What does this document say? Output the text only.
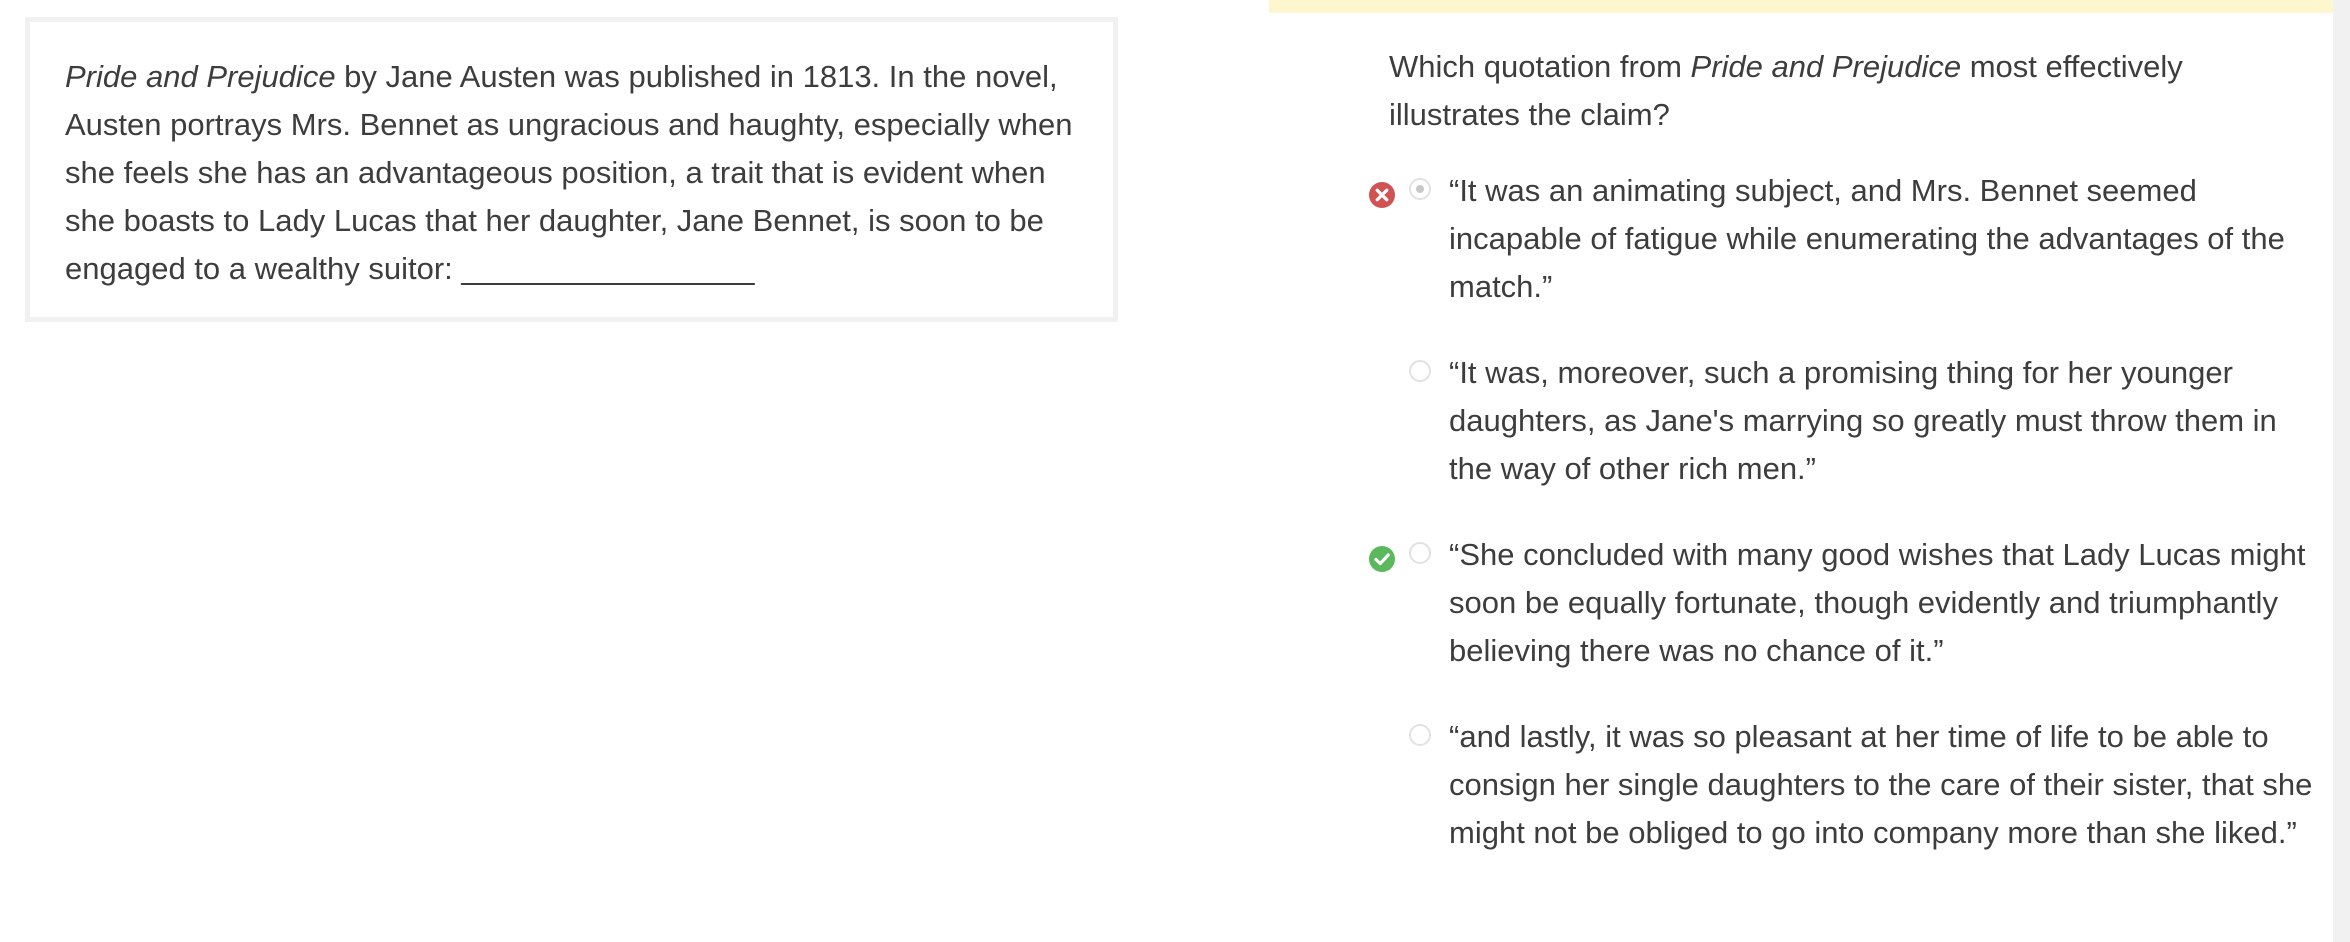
Pride and Prejudice by Jane Austen was published in 1813. In the novel, Austen portrays Mrs. Bennet as ungracious and haughty, especially when she feels she has an advantageous position, a trait that is evident when she boasts to Lady Lucas that her daughter, Jane Bennet, is soon to be engaged to a wealthy suitor: _________________

Which quotation from Pride and Prejudice most effectively illustrates the claim?

“It was an animating subject, and Mrs. Bennet seemed incapable of fatigue while enumerating the advantages of the match.”

“It was, moreover, such a promising thing for her younger daughters, as Jane's marrying so greatly must throw them in the way of other rich men.”

“She concluded with many good wishes that Lady Lucas might soon be equally fortunate, though evidently and triumphantly believing there was no chance of it.”

“and lastly, it was so pleasant at her time of life to be able to consign her single daughters to the care of their sister, that she might not be obliged to go into company more than she liked.”
